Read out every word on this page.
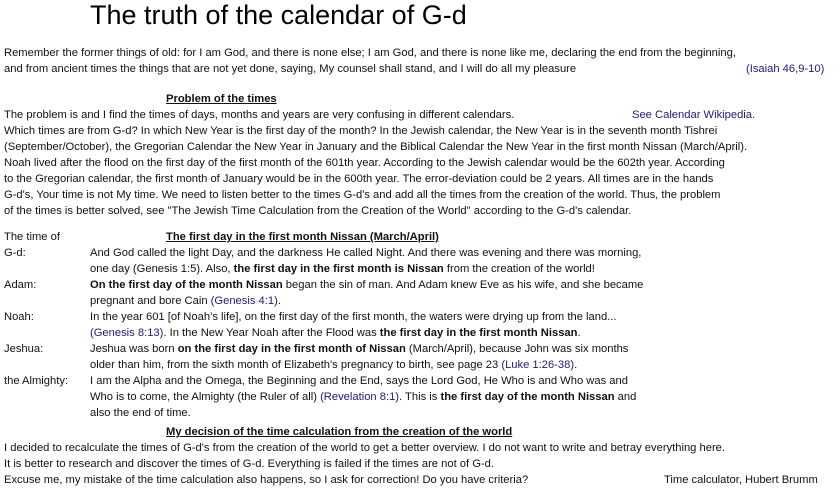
The truth of the calendar of G-d
Remember the former things of old: for I am God, and there is none else; I am God, and there is none like me, declaring the end from the beginning,
and from ancient times the things that are not yet done, saying, My counsel shall stand, and I will do all my pleasure	(Isaiah 46,9-10)
Problem of the times
The problem is and I find the times of days, months and years are very confusing in different calendars.	See Calendar Wikipedia.
Which times are from G-d? In which New Year is the first day of the month? In the Jewish calendar, the New Year is in the seventh month Tishrei
(September/October), the Gregorian Calendar the New Year in January and the Biblical Calendar the New Year in the first month Nissan (March/April).
Noah lived after the flood on the first day of the first month of the 601th year. According to the Jewish calendar would be the 602th year. According
to the Gregorian calendar, the first month of January would be in the 600th year. The error-deviation could be 2 years. All times are in the hands
G-d's, Your time is not My time. We need to listen better to the times G-d's and add all the times from the creation of the world. Thus, the problem
of the times is better solved, see "The Jewish Time Calculation from the Creation of the World" according to the G-d's calendar.
The time of	The first day in the first month Nissan (March/April)
G-d:	And God called the light Day, and the darkness He called Night. And there was evening and there was morning,
one day (Genesis 1:5). Also, the first day in the first month is Nissan from the creation of the world!
Adam:	On the first day of the month Nissan began the sin of man. And Adam knew Eve as his wife, and she became
pregnant and bore Cain (Genesis 4:1).
Noah:	In the year 601 [of Noah’s life], on the first day of the first month, the waters were drying up from the land...
(Genesis 8:13). In the New Year Noah after the Flood was the first day in the first month Nissan.
Jeshua:	Jeshua was born on the first day in the first month of Nissan (March/April), because John was six months
older than him, from the sixth month of Elizabeth's pregnancy to birth, see page 23 (Luke 1:26-38).
the Almighty: I am the Alpha and the Omega, the Beginning and the End, says the Lord God, He Who is and Who was and
Who is to come, the Almighty (the Ruler of all) (Revelation 8:1). This is the first day of the month Nissan and
also the end of time.
My decision of the time calculation from the creation of the world
I decided to recalculate the times of G-d's from the creation of the world to get a better overview. I do not want to write and betray everything here.
It is better to research and discover the times of G-d. Everything is failed if the times are not of G-d.
Excuse me, my mistake of the time calculation also happens, so I ask for correction! Do you have criteria?	Time calculator, Hubert Brumm
